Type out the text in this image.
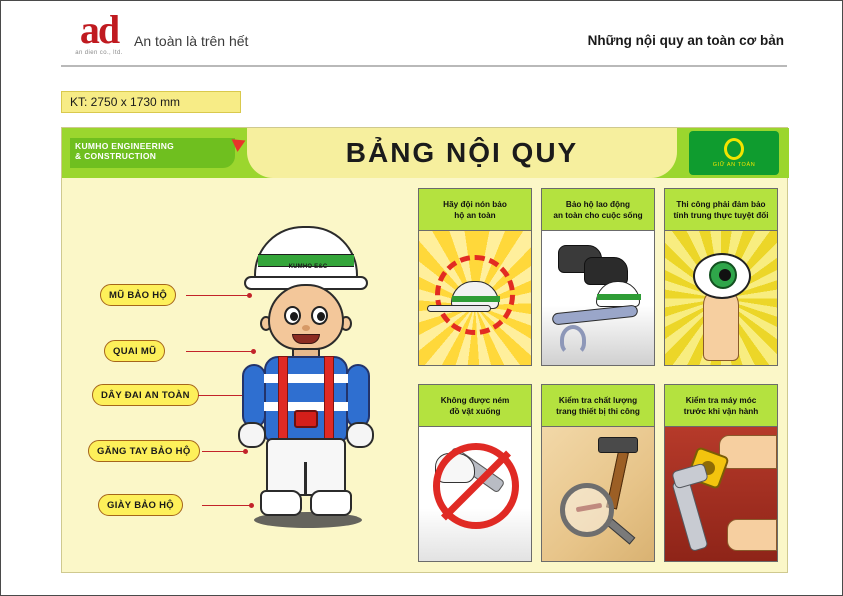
ad
an dien co., ltd.
An toàn là trên hết	Những nội quy an toàn cơ bản
KT: 2750 x 1730 mm
BẢNG NỘI QUY
KUMHO ENGINEERING
& CONSTRUCTION
GIỮ AN TOÀN
MŨ BẢO HỘ
QUAI MŨ
DÂY ĐAI AN TOÀN
GĂNG TAY BẢO HỘ
GIÀY BẢO HỘ
KUMHO E&C
Hãy đội nón bảo
hộ an toàn
Bảo hộ lao động
an toàn cho cuộc sống
Thi công phải đảm bảo
tính trung thực tuyệt đối
Không được ném
đồ vật xuống
Kiểm tra chất lượng
trang thiết bị thi công
Kiểm tra máy móc
trước khi vận hành
